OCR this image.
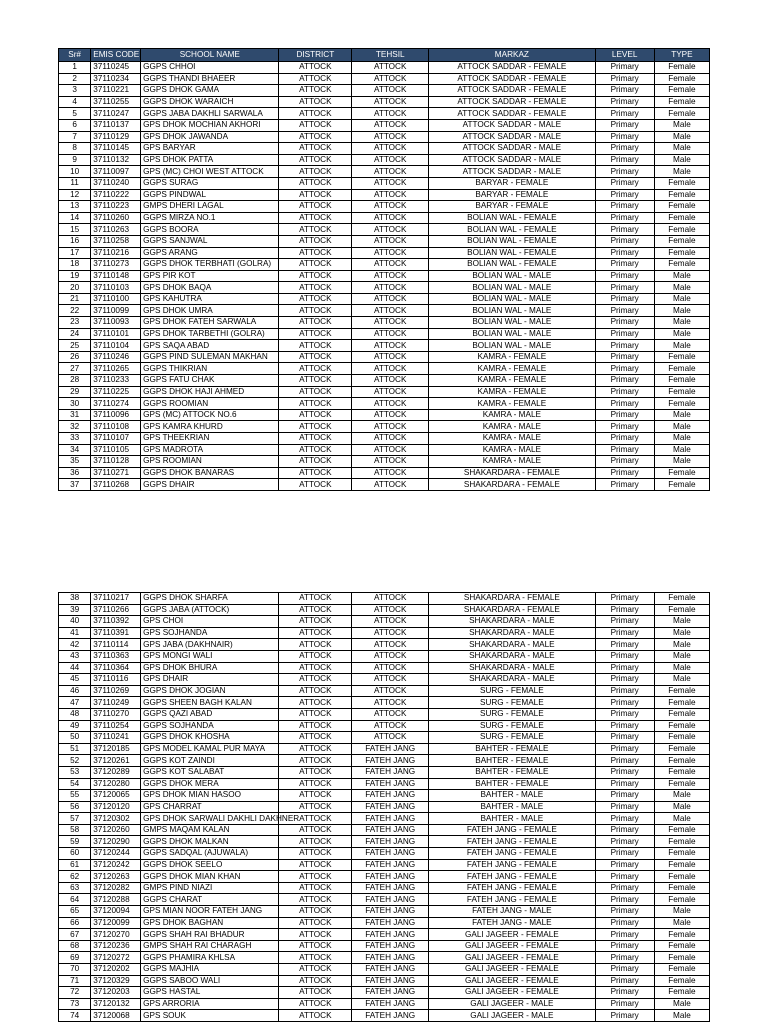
Sr#	EMIS CODE	SCHOOL NAME	DISTRICT	TEHSIL	MARKAZ	LEVEL	TYPE
1	37110245	GGPS CHHOI	ATTOCK	ATTOCK	ATTOCK SADDAR - FEMALE	Primary	Female
2	37110234	GGPS THANDI BHAEER	ATTOCK	ATTOCK	ATTOCK SADDAR - FEMALE	Primary	Female
3	37110221	GGPS DHOK GAMA	ATTOCK	ATTOCK	ATTOCK SADDAR - FEMALE	Primary	Female
4	37110255	GGPS DHOK WARAICH	ATTOCK	ATTOCK	ATTOCK SADDAR - FEMALE	Primary	Female
5	37110247	GGPS JABA DAKHLI SARWALA	ATTOCK	ATTOCK	ATTOCK SADDAR - FEMALE	Primary	Female
6	37110137	GPS DHOK MOCHIAN AKHORI	ATTOCK	ATTOCK	ATTOCK SADDAR - MALE	Primary	Male
7	37110129	GPS DHOK JAWANDA	ATTOCK	ATTOCK	ATTOCK SADDAR - MALE	Primary	Male
8	37110145	GPS BARYAR	ATTOCK	ATTOCK	ATTOCK SADDAR - MALE	Primary	Male
9	37110132	GPS DHOK PATTA	ATTOCK	ATTOCK	ATTOCK SADDAR - MALE	Primary	Male
10	37110097	GPS (MC) CHOI WEST ATTOCK	ATTOCK	ATTOCK	ATTOCK SADDAR - MALE	Primary	Male
11	37110240	GGPS SURAG	ATTOCK	ATTOCK	BARYAR - FEMALE	Primary	Female
12	37110222	GGPS PINDWAL	ATTOCK	ATTOCK	BARYAR - FEMALE	Primary	Female
13	37110223	GMPS DHERI LAGAL	ATTOCK	ATTOCK	BARYAR - FEMALE	Primary	Female
14	37110260	GGPS MIRZA NO.1	ATTOCK	ATTOCK	BOLIAN WAL - FEMALE	Primary	Female
15	37110263	GGPS BOORA	ATTOCK	ATTOCK	BOLIAN WAL - FEMALE	Primary	Female
16	37110258	GGPS SANJWAL	ATTOCK	ATTOCK	BOLIAN WAL - FEMALE	Primary	Female
17	37110216	GGPS ARANG	ATTOCK	ATTOCK	BOLIAN WAL - FEMALE	Primary	Female
18	37110273	GGPS DHOK TERBHATI (GOLRA)	ATTOCK	ATTOCK	BOLIAN WAL - FEMALE	Primary	Female
19	37110148	GPS PIR KOT	ATTOCK	ATTOCK	BOLIAN WAL - MALE	Primary	Male
20	37110103	GPS DHOK BAQA	ATTOCK	ATTOCK	BOLIAN WAL - MALE	Primary	Male
21	37110100	GPS KAHUTRA	ATTOCK	ATTOCK	BOLIAN WAL - MALE	Primary	Male
22	37110099	GPS DHOK UMRA	ATTOCK	ATTOCK	BOLIAN WAL - MALE	Primary	Male
23	37110093	GPS DHOK FATEH SARWALA	ATTOCK	ATTOCK	BOLIAN WAL - MALE	Primary	Male
24	37110101	GPS DHOK TARBETHI (GOLRA)	ATTOCK	ATTOCK	BOLIAN WAL - MALE	Primary	Male
25	37110104	GPS SAQA ABAD	ATTOCK	ATTOCK	BOLIAN WAL - MALE	Primary	Male
26	37110246	GGPS PIND SULEMAN MAKHAN	ATTOCK	ATTOCK	KAMRA - FEMALE	Primary	Female
27	37110265	GGPS THIKRIAN	ATTOCK	ATTOCK	KAMRA - FEMALE	Primary	Female
28	37110233	GGPS FATU CHAK	ATTOCK	ATTOCK	KAMRA - FEMALE	Primary	Female
29	37110225	GGPS DHOK HAJI AHMED	ATTOCK	ATTOCK	KAMRA - FEMALE	Primary	Female
30	37110274	GGPS ROOMIAN	ATTOCK	ATTOCK	KAMRA - FEMALE	Primary	Female
31	37110096	GPS (MC) ATTOCK NO.6	ATTOCK	ATTOCK	KAMRA - MALE	Primary	Male
32	37110108	GPS KAMRA KHURD	ATTOCK	ATTOCK	KAMRA - MALE	Primary	Male
33	37110107	GPS THEEKRIAN	ATTOCK	ATTOCK	KAMRA - MALE	Primary	Male
34	37110105	GPS MADROTA	ATTOCK	ATTOCK	KAMRA - MALE	Primary	Male
35	37110128	GPS ROOMIAN	ATTOCK	ATTOCK	KAMRA - MALE	Primary	Male
36	37110271	GGPS DHOK BANARAS	ATTOCK	ATTOCK	SHAKARDARA - FEMALE	Primary	Female
37	37110268	GGPS DHAIR	ATTOCK	ATTOCK	SHAKARDARA - FEMALE	Primary	Female
38	37110217	GGPS DHOK SHARFA	ATTOCK	ATTOCK	SHAKARDARA - FEMALE	Primary	Female
39	37110266	GGPS JABA (ATTOCK)	ATTOCK	ATTOCK	SHAKARDARA - FEMALE	Primary	Female
40	37110392	GPS CHOI	ATTOCK	ATTOCK	SHAKARDARA - MALE	Primary	Male
41	37110391	GPS SOJHANDA	ATTOCK	ATTOCK	SHAKARDARA - MALE	Primary	Male
42	37110114	GPS JABA (DAKHNAIR)	ATTOCK	ATTOCK	SHAKARDARA - MALE	Primary	Male
43	37110363	GPS MONGI WALI	ATTOCK	ATTOCK	SHAKARDARA - MALE	Primary	Male
44	37110364	GPS DHOK BHURA	ATTOCK	ATTOCK	SHAKARDARA - MALE	Primary	Male
45	37110116	GPS DHAIR	ATTOCK	ATTOCK	SHAKARDARA - MALE	Primary	Male
46	37110269	GGPS DHOK JOGIAN	ATTOCK	ATTOCK	SURG - FEMALE	Primary	Female
47	37110249	GGPS SHEEN BAGH KALAN	ATTOCK	ATTOCK	SURG - FEMALE	Primary	Female
48	37110270	GGPS QAZI ABAD	ATTOCK	ATTOCK	SURG - FEMALE	Primary	Female
49	37110254	GGPS SOJHANDA	ATTOCK	ATTOCK	SURG - FEMALE	Primary	Female
50	37110241	GGPS DHOK KHOSHA	ATTOCK	ATTOCK	SURG - FEMALE	Primary	Female
51	37120185	GPS MODEL KAMAL PUR MAYA	ATTOCK	FATEH JANG	BAHTER - FEMALE	Primary	Female
52	37120261	GGPS KOT ZAINDI	ATTOCK	FATEH JANG	BAHTER - FEMALE	Primary	Female
53	37120289	GGPS KOT SALABAT	ATTOCK	FATEH JANG	BAHTER - FEMALE	Primary	Female
54	37120280	GGPS DHOK MERA	ATTOCK	FATEH JANG	BAHTER - FEMALE	Primary	Female
55	37120065	GPS DHOK MIAN HASOO	ATTOCK	FATEH JANG	BAHTER - MALE	Primary	Male
56	37120120	GPS CHARRAT	ATTOCK	FATEH JANG	BAHTER - MALE	Primary	Male
57	37120302	GPS DHOK SARWALI DAKHLI DAKHNER	ATTOCK	FATEH JANG	BAHTER - MALE	Primary	Male
58	37120260	GMPS MAQAM KALAN	ATTOCK	FATEH JANG	FATEH JANG - FEMALE	Primary	Female
59	37120290	GGPS DHOK MALKAN	ATTOCK	FATEH JANG	FATEH JANG - FEMALE	Primary	Female
60	37120244	GGPS SADQAL (AJUWALA)	ATTOCK	FATEH JANG	FATEH JANG - FEMALE	Primary	Female
61	37120242	GGPS DHOK SEELO	ATTOCK	FATEH JANG	FATEH JANG - FEMALE	Primary	Female
62	37120263	GGPS DHOK MIAN KHAN	ATTOCK	FATEH JANG	FATEH JANG - FEMALE	Primary	Female
63	37120282	GMPS PIND NIAZI	ATTOCK	FATEH JANG	FATEH JANG - FEMALE	Primary	Female
64	37120288	GGPS CHARAT	ATTOCK	FATEH JANG	FATEH JANG - FEMALE	Primary	Female
65	37120094	GPS MIAN NOOR FATEH JANG	ATTOCK	FATEH JANG	FATEH JANG - MALE	Primary	Male
66	37120099	GPS DHOK BAGHAN	ATTOCK	FATEH JANG	FATEH JANG - MALE	Primary	Male
67	37120270	GGPS SHAH RAI BHADUR	ATTOCK	FATEH JANG	GALI JAGEER - FEMALE	Primary	Female
68	37120236	GMPS SHAH RAI CHARAGH	ATTOCK	FATEH JANG	GALI JAGEER - FEMALE	Primary	Female
69	37120272	GGPS PHAMIRA KHLSA	ATTOCK	FATEH JANG	GALI JAGEER - FEMALE	Primary	Female
70	37120202	GGPS MAJHIA	ATTOCK	FATEH JANG	GALI JAGEER - FEMALE	Primary	Female
71	37120329	GGPS SABOO WALI	ATTOCK	FATEH JANG	GALI JAGEER - FEMALE	Primary	Female
72	37120203	GGPS HASTAL	ATTOCK	FATEH JANG	GALI JAGEER - FEMALE	Primary	Female
73	37120132	GPS ARRORIA	ATTOCK	FATEH JANG	GALI JAGEER - MALE	Primary	Male
74	37120068	GPS SOUK	ATTOCK	FATEH JANG	GALI JAGEER - MALE	Primary	Male
